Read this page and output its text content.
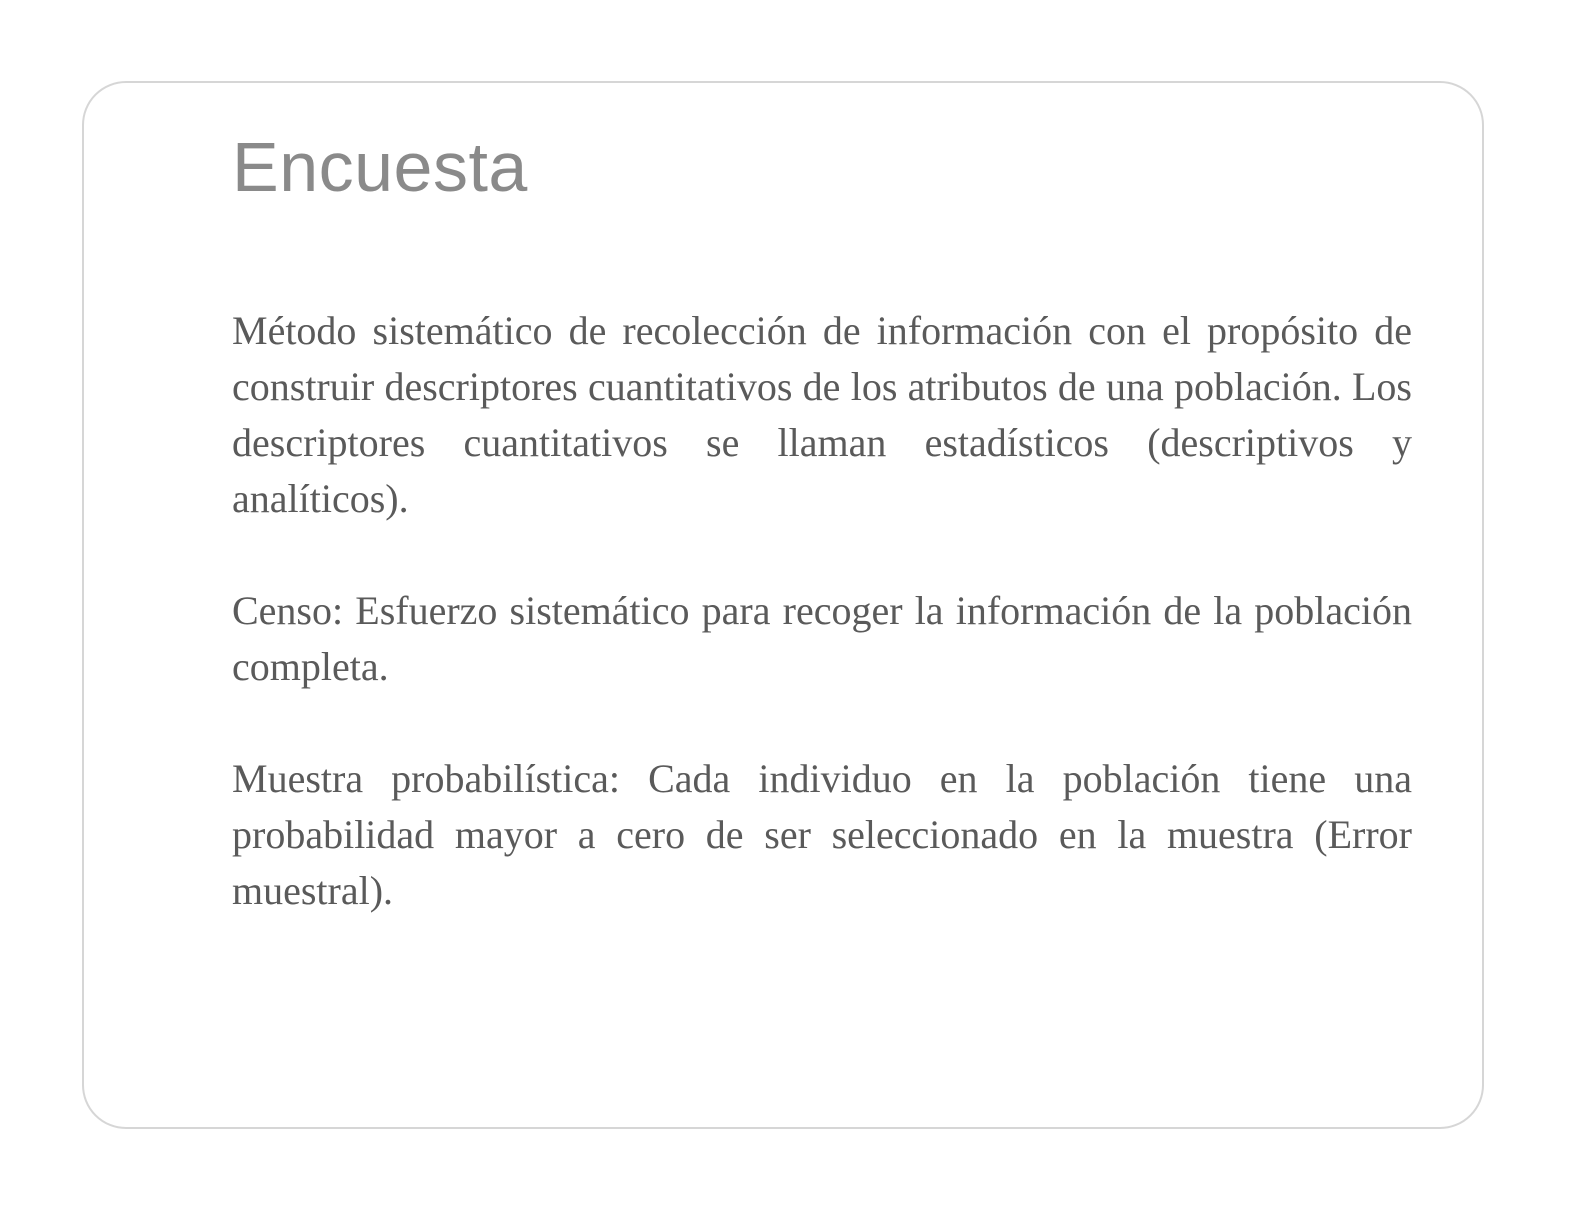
Encuesta

Método sistemático de recolección de información con el propósito de construir descriptores cuantitativos de los atributos de una población. Los descriptores cuantitativos se llaman estadísticos (descriptivos y analíticos).

Censo: Esfuerzo sistemático para recoger la información de la población completa.

Muestra probabilística: Cada individuo en la población tiene una probabilidad mayor a cero de ser seleccionado en la muestra (Error muestral).
